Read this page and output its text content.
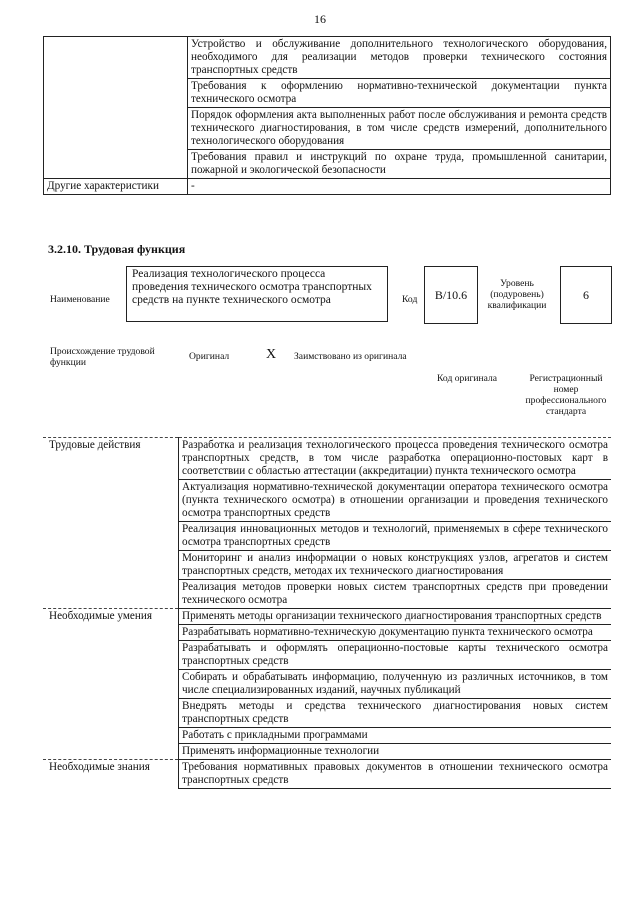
16
	Устройство и обслуживание дополнительного технологического оборудования, необходимого для реализации методов проверки технического состояния транспортных средств
	Требования к оформлению нормативно-технической документации пункта технического осмотра
	Порядок оформления акта выполненных работ после обслуживания и ремонта средств технического диагностирования, в том числе средств измерений, дополнительного технологического оборудования
	Требования правил и инструкций по охране труда, промышленной санитарии, пожарной и экологической безопасности
Другие характеристики	-
3.2.10. Трудовая функция
Наименование
Реализация технологического процесса проведения технического осмотра транспортных средств на пункте технического осмотра	Код	B/10.6
Уровень (подуровень) квалификации
6
Происхождение трудовой функции
Оригинал	X Заимствовано из оригинала
Код оригинала	Регистрационный номер профессионального стандарта
Трудовые действия	Разработка и реализация технологического процесса проведения технического осмотра транспортных средств, в том числе разработка операционно-постовых карт в соответствии с областью аттестации (аккредитации) пункта технического осмотра
	Актуализация нормативно-технической документации оператора технического осмотра (пункта технического осмотра) в отношении организации и проведения технического осмотра транспортных средств
	Реализация инновационных методов и технологий, применяемых в сфере технического осмотра транспортных средств
	Мониторинг и анализ информации о новых конструкциях узлов, агрегатов и систем транспортных средств, методах их технического диагностирования
	Реализация методов проверки новых систем транспортных средств при проведении технического осмотра
Необходимые умения	Применять методы организации технического диагностирования транспортных средств
	Разрабатывать нормативно-техническую документацию пункта технического осмотра
	Разрабатывать и оформлять операционно-постовые карты технического осмотра транспортных средств
	Собирать и обрабатывать информацию, полученную из различных источников, в том числе специализированных изданий, научных публикаций
	Внедрять методы и средства технического диагностирования новых систем транспортных средств
	Работать с прикладными программами
	Применять информационные технологии
Необходимые знания	Требования нормативных правовых документов в отношении технического осмотра транспортных средств
